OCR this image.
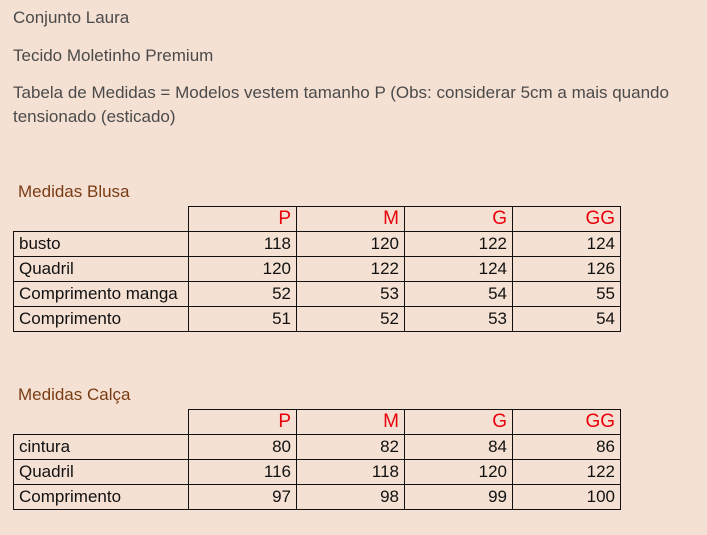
Conjunto Laura

Tecido Moletinho Premium

Tabela de Medidas = Modelos vestem tamanho P (Obs: considerar 5cm a mais quando tensionado (esticado)

Medidas Blusa

	P	M	G	GG
busto	118	120	122	124
Quadril	120	122	124	126
Comprimento manga	52	53	54	55
Comprimento	51	52	53	54

Medidas Calça

	P	M	G	GG
cintura	80	82	84	86
Quadril	116	118	120	122
Comprimento	97	98	99	100
